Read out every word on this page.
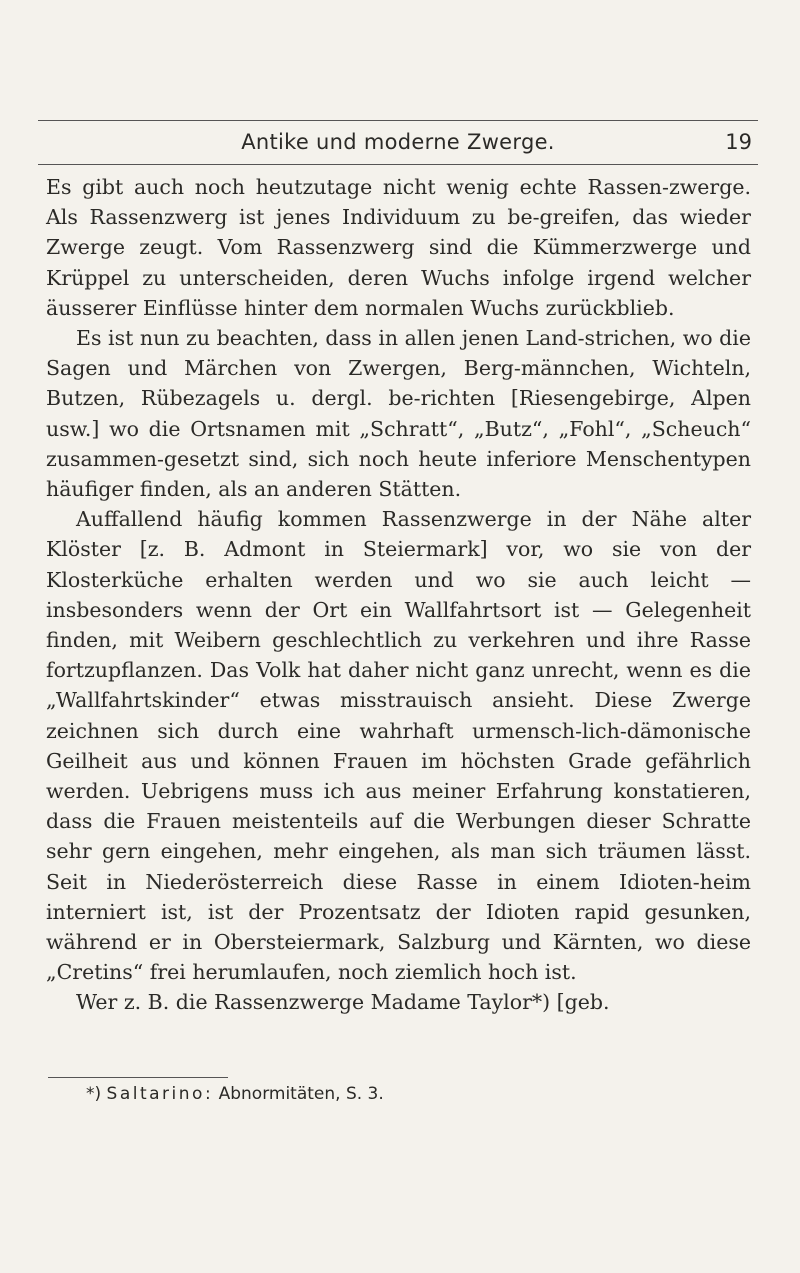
Antike und moderne Zwerge.	19

Es gibt auch noch heutzutage nicht wenig echte Rassen-zwerge. Als Rassenzwerg ist jenes Individuum zu be-greifen, das wieder Zwerge zeugt. Vom Rassenzwerg sind die Kümmerzwerge und Krüppel zu unterscheiden, deren Wuchs infolge irgend welcher äusserer Einflüsse hinter dem normalen Wuchs zurückblieb.

Es ist nun zu beachten, dass in allen jenen Land-strichen, wo die Sagen und Märchen von Zwergen, Berg-männchen, Wichteln, Butzen, Rübezagels u. dergl. be-richten [Riesengebirge, Alpen usw.] wo die Ortsnamen mit „Schratt“, „Butz“, „Fohl“, „Scheuch“ zusammen-gesetzt sind, sich noch heute inferiore Menschentypen häufiger finden, als an anderen Stätten.

Auffallend häufig kommen Rassenzwerge in der Nähe alter Klöster [z. B. Admont in Steiermark] vor, wo sie von der Klosterküche erhalten werden und wo sie auch leicht — insbesonders wenn der Ort ein Wallfahrtsort ist — Gelegenheit finden, mit Weibern geschlechtlich zu verkehren und ihre Rasse fortzupflanzen. Das Volk hat daher nicht ganz unrecht, wenn es die „Wallfahrtskinder“ etwas misstrauisch ansieht. Diese Zwerge zeichnen sich durch eine wahrhaft urmensch-lich-dämonische Geilheit aus und können Frauen im höchsten Grade gefährlich werden. Uebrigens muss ich aus meiner Erfahrung konstatieren, dass die Frauen meistenteils auf die Werbungen dieser Schratte sehr gern eingehen, mehr eingehen, als man sich träumen lässt. Seit in Niederösterreich diese Rasse in einem Idioten-heim interniert ist, ist der Prozentsatz der Idioten rapid gesunken, während er in Obersteiermark, Salzburg und Kärnten, wo diese „Cretins“ frei herumlaufen, noch ziemlich hoch ist.

Wer z. B. die Rassenzwerge Madame Taylor*) [geb.

*) Saltarino: Abnormitäten, S. 3.
